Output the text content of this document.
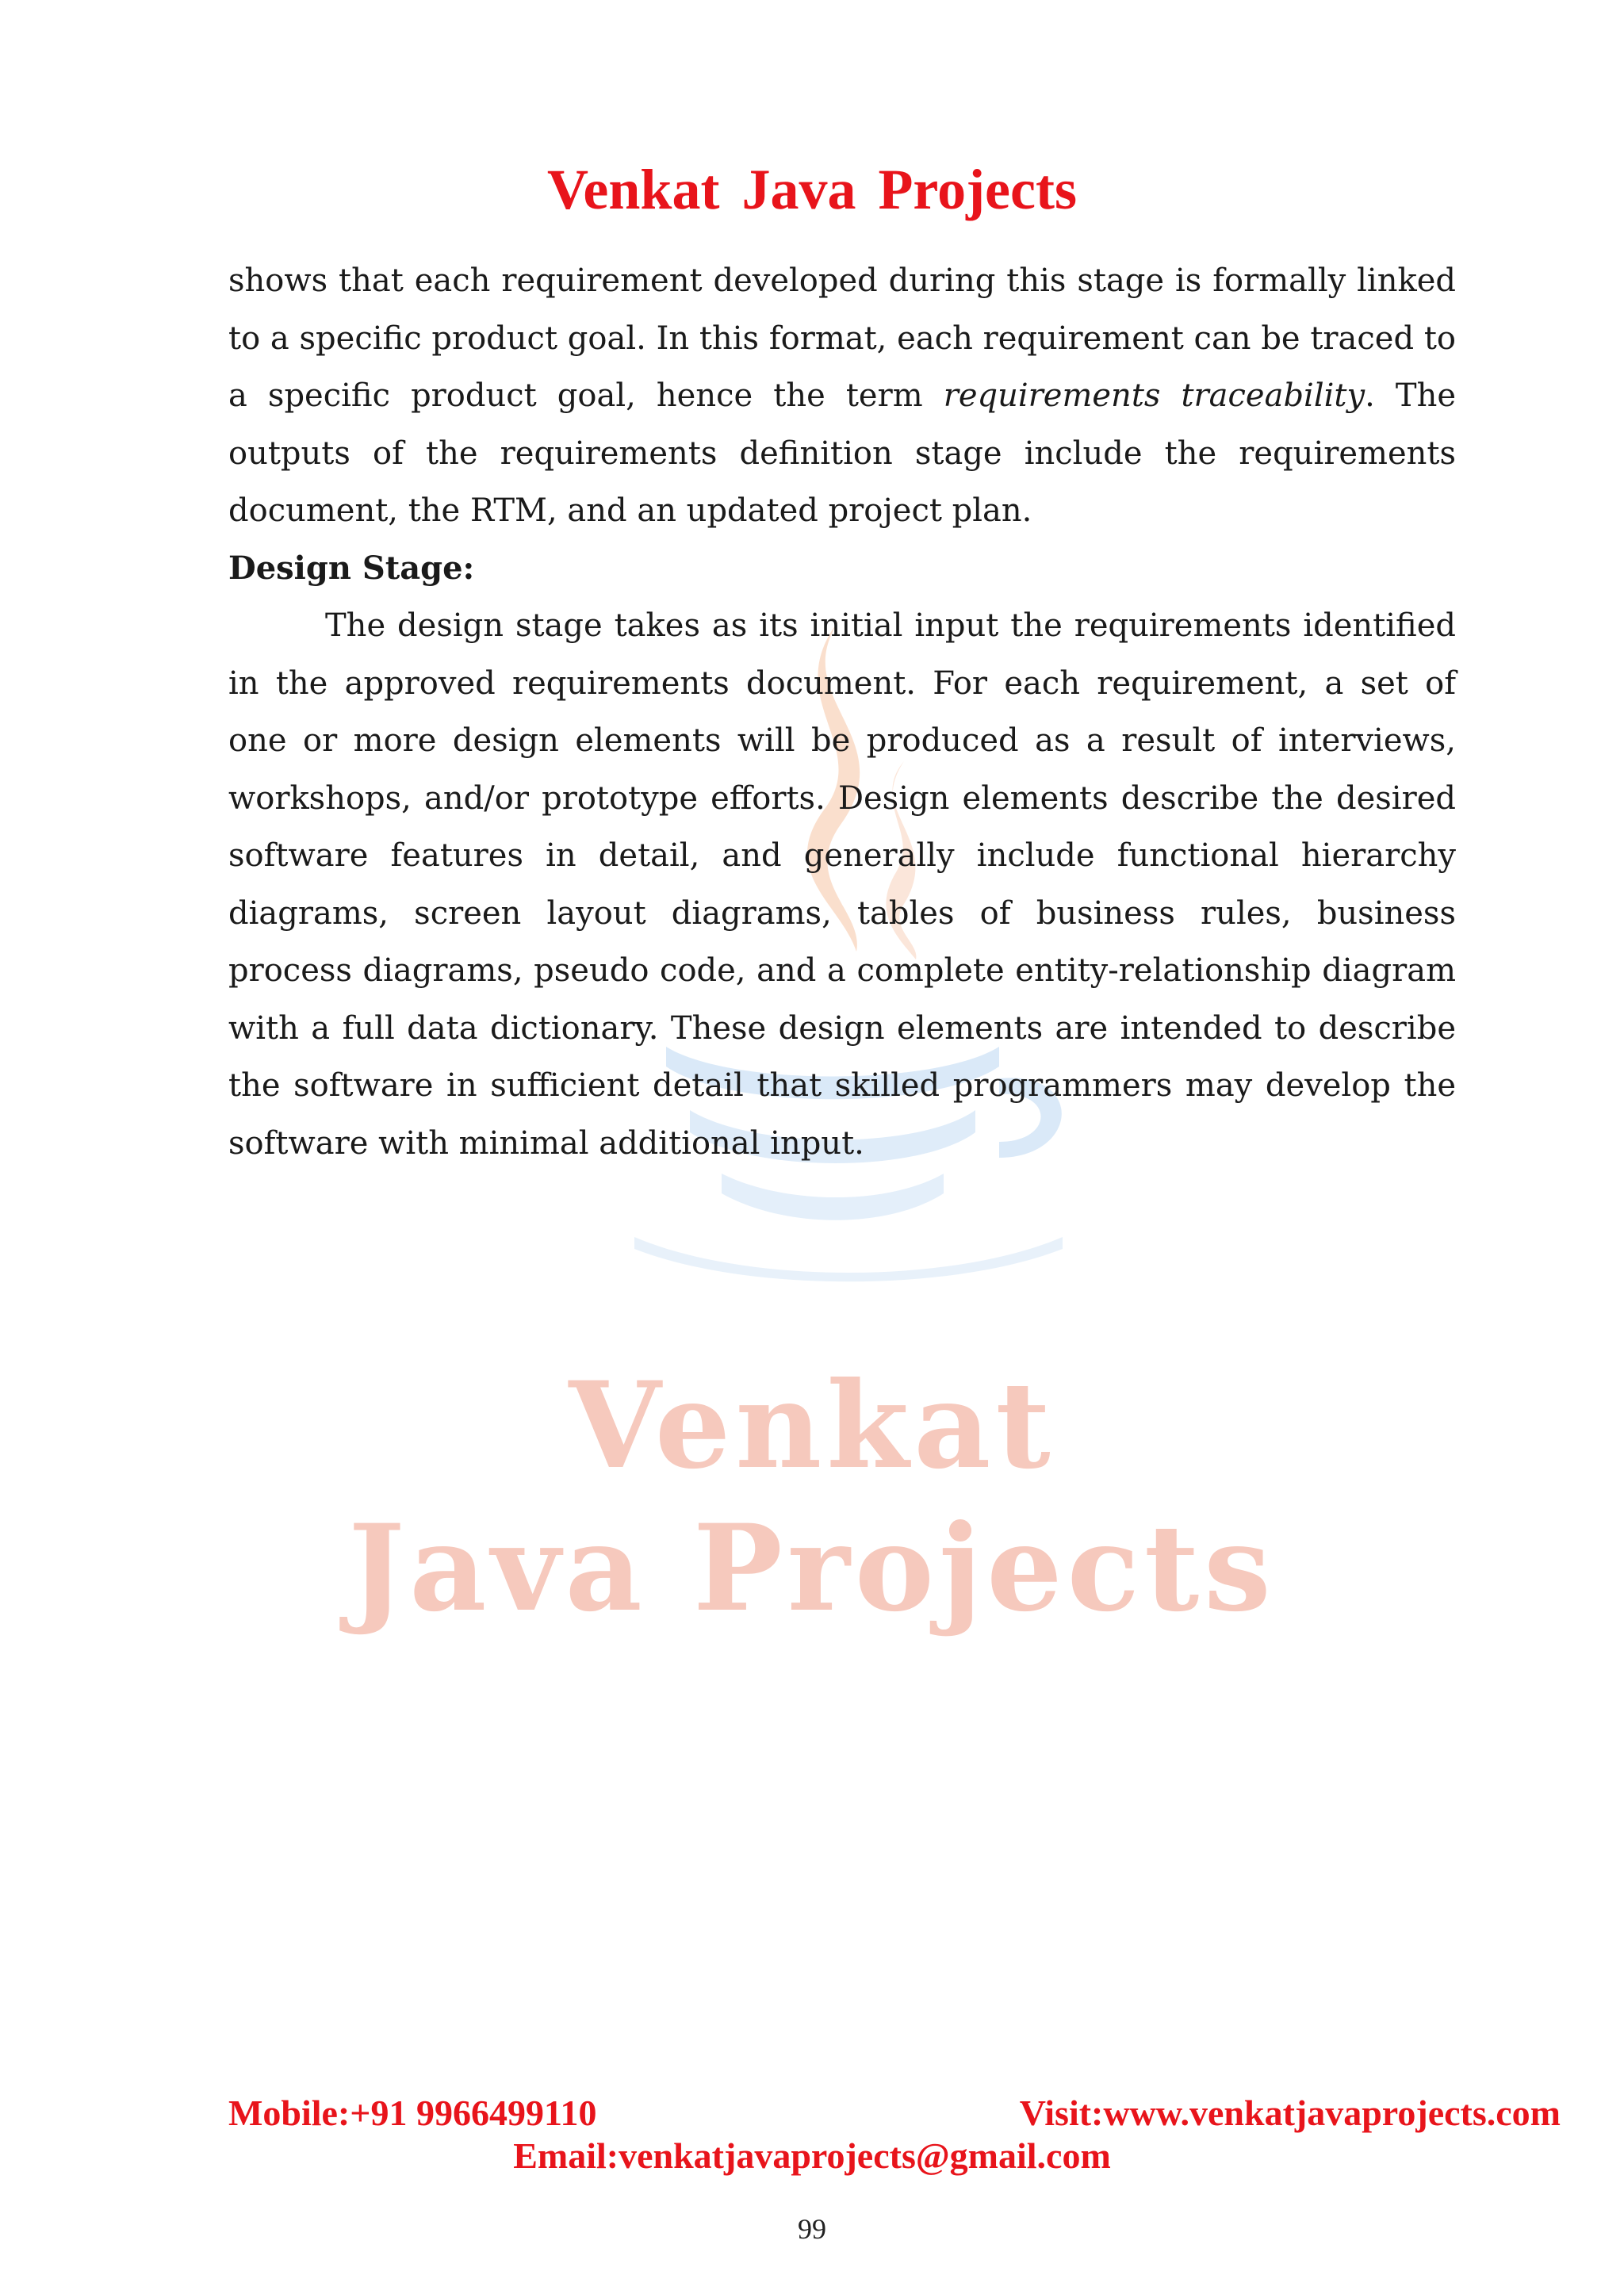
Venkat
Java Projects
Venkat Java Projects

shows that each requirement developed during this stage is formally linked to a specific product goal. In this format, each requirement can be traced to a specific product goal, hence the term requirements traceability. The outputs of the requirements definition stage include the requirements document, the RTM, and an updated project plan.

Design Stage:

The design stage takes as its initial input the requirements identified in the approved requirements document. For each requirement, a set of one or more design elements will be produced as a result of interviews, workshops, and/or prototype efforts. Design elements describe the desired software features in detail, and generally include functional hierarchy diagrams, screen layout diagrams, tables of business rules, business process diagrams, pseudo code, and a complete entity-relationship diagram with a full data dictionary. These design elements are intended to describe the software in sufficient detail that skilled programmers may develop the software with minimal additional input.

Mobile:+91 9966499110	Visit:www.venkatjavaprojects.com
Email:venkatjavaprojects@gmail.com
99
